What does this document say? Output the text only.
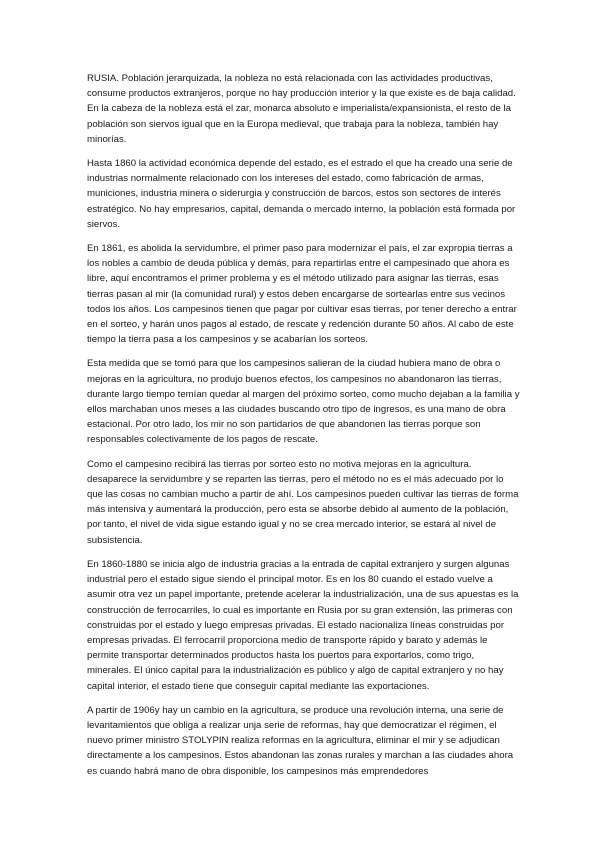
RUSIA. Población jerarquizada, la nobleza no está relacionada con las actividades productivas, consume productos extranjeros, porque no hay producción interior y la que existe es de baja calidad. En la cabeza de la nobleza está el zar, monarca absoluto e imperialista/expansionista, el resto de la población son siervos igual que en la Europa medieval, que trabaja para la nobleza, también hay minorías.

Hasta 1860 la actividad económica depende del estado, es el estrado el que ha creado una serie de industrias normalmente relacionado con los intereses del estado, como fabricación de armas, municiones, industria minera o siderurgia y construcción de barcos, estos son sectores de interés estratégico. No hay empresarios, capital, demanda o mercado interno, la población está formada por siervos.

En 1861, es abolida la servidumbre, el primer paso para modernizar el país, el zar expropia tierras a los nobles a cambio de deuda pública y demás, para repartirlas entre el campesinado que ahora es libre, aquí encontramos el primer problema y es el método utilizado para asignar las tierras, esas tierras pasan al mir (la comunidad rural) y estos deben encargarse de sortearlas entre sus vecinos todos los años. Los campesinos tienen que pagar por cultivar esas tierras, por tener derecho a entrar en el sorteo, y harán unos pagos al estado, de rescate y redención durante 50 años. Al cabo de este tiempo la tierra pasa a los campesinos y se acabarían los sorteos.

Esta medida que se tomó para que los campesinos salieran de la ciudad hubiera mano de obra o mejoras en la agricultura, no produjo buenos efectos, los campesinos no abandonaron las tierras, durante largo tiempo temían quedar al margen del próximo sorteo, como mucho dejaban a la familia y ellos marchaban unos meses a las ciudades buscando otro tipo de ingresos, es una mano de obra estacional. Por otro lado, los mir no son partidarios de que abandonen las tierras porque son responsables colectivamente de los pagos de rescate.

Como el campesino recibirá las tierras por sorteo esto no motiva mejoras en la agricultura. desaparece la servidumbre y se reparten las tierras, pero el método no es el más adecuado por lo que las cosas no cambian mucho a partir de ahí. Los campesinos pueden cultivar las tierras de forma más intensiva y aumentará la producción, pero esta se absorbe debido al aumento de la población, por tanto, el nivel de vida sigue estando igual y no se crea mercado interior, se estará al nivel de subsistencia.

En 1860-1880 se inicia algo de industria gracias a la entrada de capital extranjero y surgen algunas industrial pero el estado sigue siendo el principal motor. Es en los 80 cuando el estado vuelve a asumir otra vez un papel importante, pretende acelerar la industrialización, una de sus apuestas es la construcción de ferrocarriles, lo cual es importante en Rusia por su gran extensión, las primeras con construidas por el estado y luego empresas privadas. El estado nacionaliza líneas construidas por empresas privadas. El ferrocarril proporciona medio de transporte rápido y barato y además le permite transportar determinados productos hasta los puertos para exportarlos, como trigo, minerales. El único capital para la industrialización es público y algo de capital extranjero y no hay capital interior, el estado tiene que conseguir capital mediante las exportaciones.

A partir de 1906y hay un cambio en la agricultura, se produce una revolución interna, una serie de levantamientos que obliga a realizar unja serie de reformas, hay que democratizar el régimen, el nuevo primer ministro STOLYPIN realiza reformas en la agricultura, eliminar el mir y se adjudican directamente a los campesinos. Estos abandonan las zonas rurales y marchan a las ciudades ahora es cuando habrá mano de obra disponible, los campesinos más emprendedores
